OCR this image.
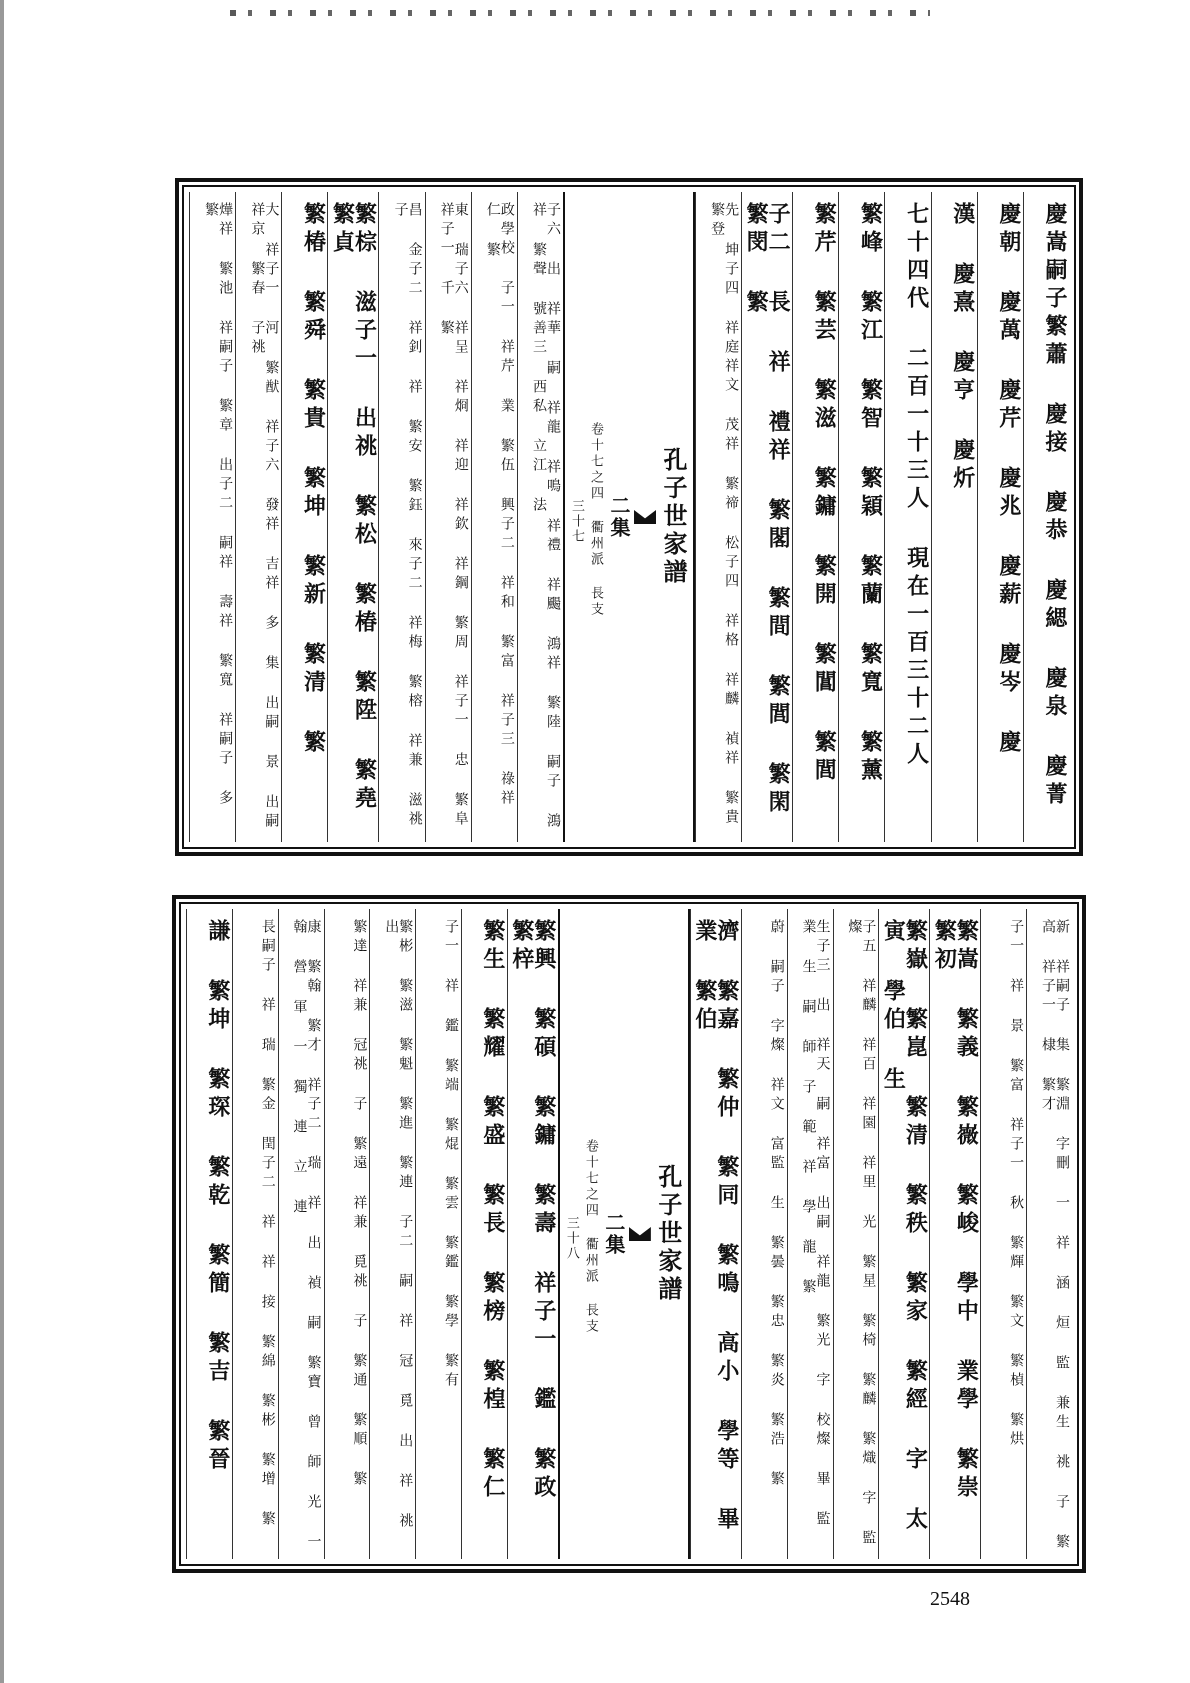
慶嵩嗣子繁蕭 慶接 慶恭 慶緦 慶泉 慶菁
慶朝 慶萬 慶芹 慶兆 慶薪 慶岑 慶
漢 慶熹 慶亨 慶炘
七十四代 二百一十三人 現在一百三十二人
繁峰 繁江 繁智 繁穎 繁蘭 繁寬 繁薰
繁芹 繁芸 繁滋 繁鏞 繁開 繁閶 繁閭
子二 長 祥 禮祥 繁閣 繁間 繁閭 繁閑 繁閔 繁
先 坤子四 祥庭祥文 茂祥 繁禘 松子四 祥格 祥麟 禎祥 繁貴 繁登
孔子世家譜
二集
卷十七之四 衢州派 長支
三十七
子六 出 祥華 嗣 祥龍 祥鳴 祥禮 祥颺 鴻祥 繁陸 嗣子 鴻祥 繁聲 號善三 西私 立江 法
政學校 子一 祥芹 業 繁伍 興子二 祥和 繁富 祥子三 祿祥 仁 繁
東 瑞子六 祥呈 祥烱 祥迎 祥欽 祥鋼 繁周 祥子一 忠 繁阜 祥子一 千 繁
昌 金子二 祥釗 祥 繁安 繁鈺 來子二 祥梅 繁榕 祥兼 滋祧 子
繁棕 滋子一 出祧 繁松 繁椿 繁陞 繁堯 繁貞
繁椿 繁舜 繁貴 繁坤 繁新 繁清 繁
大 祥子一 河 繁猷 祥子六 發祥 吉祥 多 集 出嗣 景 出嗣 祥京 繁春 子祧
燁祥 繁池 祥嗣子 繁章 出子二 嗣祥 壽祥 繁寬 祥嗣子 多 繁
新 祥嗣子 集 繁淵 字刪 一 祥 涵 烜 監 兼生 祧 子 繁高 祥子一 棣 繁才
子一 祥 景 繁富 祥子一 秋 繁輝 繁文 繁楨 繁烘
繁嵩 繁義 繁嶶 繁峻 學中 業學 繁崇 繁初
繁嶽 繁崑 繁清 繁秩 繁家 繁經 字 太寅 學伯 生
子五 祥麟 祥百 祥園 祥里 光 繁星 繁椅 繁麟 繁熾 字 監燦
生子三 出 祥天 嗣 祥富 出嗣 祥龍 繁光 字 校燦 畢 監 業 生 嗣 師 子 範 祥 學 龍 繁
蔚 嗣子 字燦 祥文 富監 生 繁曇 繁忠 繁炎 繁浩 繁
濟 繁嘉 繁仲 繁同 繁鳴 高小 學等 畢業 繁伯
孔子世家譜
二集
卷十七之四 衢州派 長支
三十八
繁興 繁碩 繁鏞 繁壽 祥子一 鑑 繁政 繁梓
繁生 繁耀 繁盛 繁長 繁榜 繁楻 繁仁
子一 祥 鑑 繁端 繁焜 繁雲 繁鑑 繁學 繁有
繁彬 繁滋 繁魁 繁進 繁連 子二 嗣 祥 冠 覓 出 祥 祧 出
繁達 祥兼 冠祧 子 繁遠 祥兼 覓祧 子 繁通 繁順 繁
康 繁翰 繁才 祥子二 瑞 祥 出 禎 嗣 繁寶 曾 師 光 一 翰 營 軍 一 獨 連 立 連
長嗣子 祥 瑞 繁金 閏子二 祥 祥 接 繁綿 繁彬 繁增 繁
謙 繁坤 繁琛 繁乾 繁簡 繁吉 繁晉
2548
